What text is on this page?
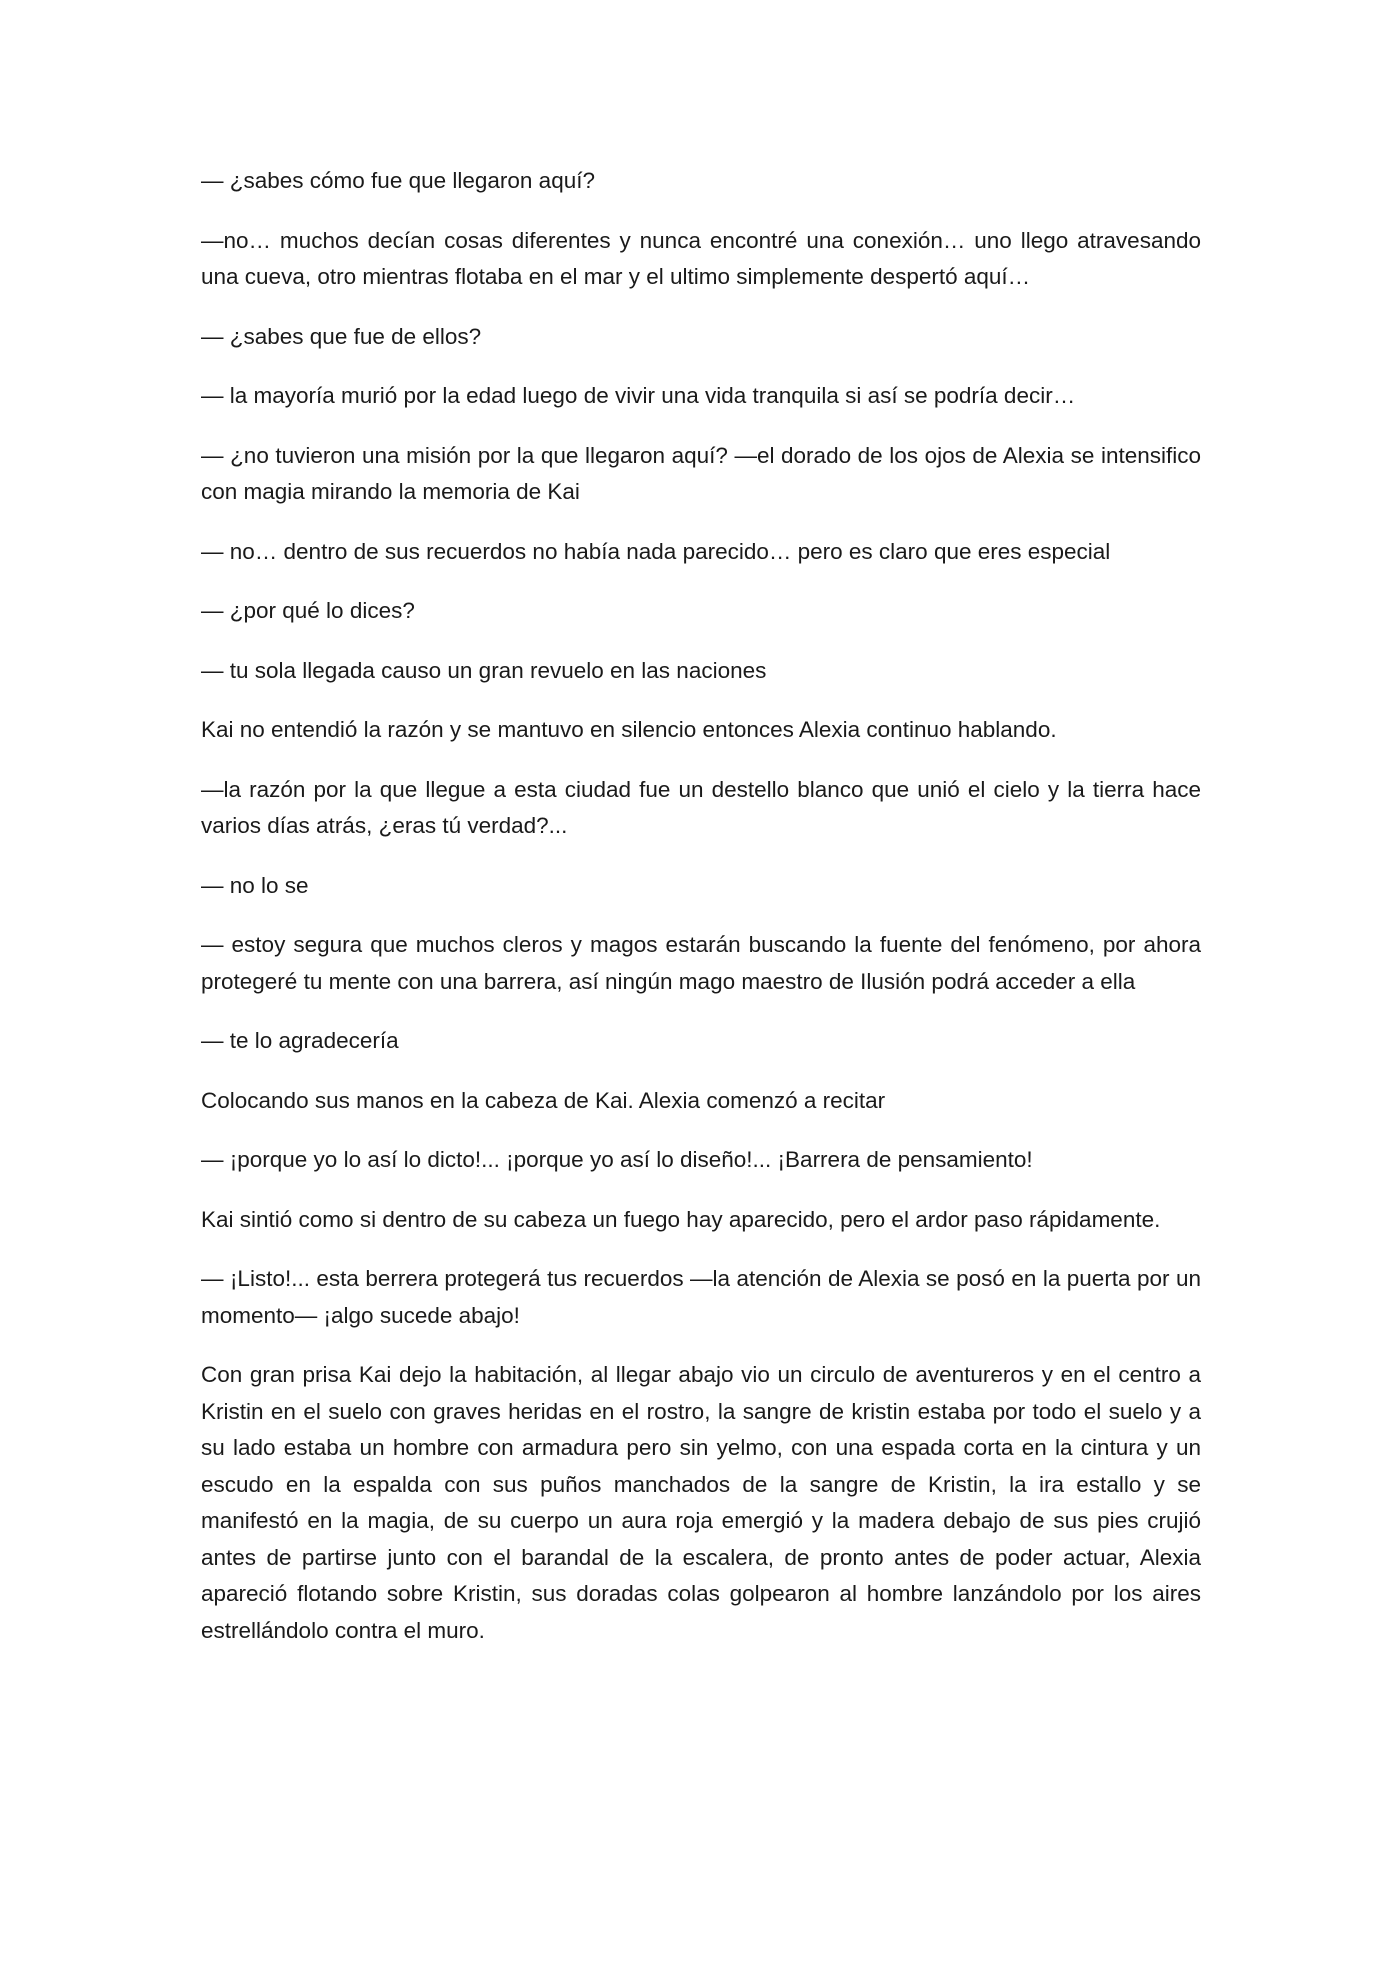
— ¿sabes cómo fue que llegaron aquí?

—no… muchos decían cosas diferentes y nunca encontré una conexión… uno llego atravesando una cueva, otro mientras flotaba en el mar y el ultimo simplemente despertó aquí…

— ¿sabes que fue de ellos?

— la mayoría murió por la edad luego de vivir una vida tranquila si así se podría decir…

— ¿no tuvieron una misión por la que llegaron aquí? —el dorado de los ojos de Alexia se intensifico con magia mirando la memoria de Kai

— no… dentro de sus recuerdos no había nada parecido… pero es claro que eres especial

— ¿por qué lo dices?

— tu sola llegada causo un gran revuelo en las naciones

Kai no entendió la razón y se mantuvo en silencio entonces Alexia continuo hablando.

—la razón por la que llegue a esta ciudad fue un destello blanco que unió el cielo y la tierra hace varios días atrás, ¿eras tú verdad?...

— no lo se

— estoy segura que muchos cleros y magos estarán buscando la fuente del fenómeno, por ahora protegeré tu mente con una barrera, así ningún mago maestro de Ilusión podrá acceder a ella

— te lo agradecería

Colocando sus manos en la cabeza de Kai. Alexia comenzó a recitar

— ¡porque yo lo así lo dicto!... ¡porque yo así lo diseño!... ¡Barrera de pensamiento!

Kai sintió como si dentro de su cabeza un fuego hay aparecido, pero el ardor paso rápidamente.

— ¡Listo!... esta berrera protegerá tus recuerdos —la atención de Alexia se posó en la puerta por un momento— ¡algo sucede abajo!

Con gran prisa Kai dejo la habitación, al llegar abajo vio un circulo de aventureros y en el centro a Kristin en el suelo con graves heridas en el rostro, la sangre de kristin estaba por todo el suelo y a su lado estaba un hombre con armadura pero sin yelmo, con una espada corta en la cintura y un escudo en la espalda con sus puños manchados de la sangre de Kristin, la ira estallo y se manifestó en la magia, de su cuerpo un aura roja emergió y la madera debajo de sus pies crujió antes de partirse junto con el barandal de la escalera, de pronto antes de poder actuar, Alexia apareció flotando sobre Kristin, sus doradas colas golpearon al hombre lanzándolo por los aires estrellándolo contra el muro.
